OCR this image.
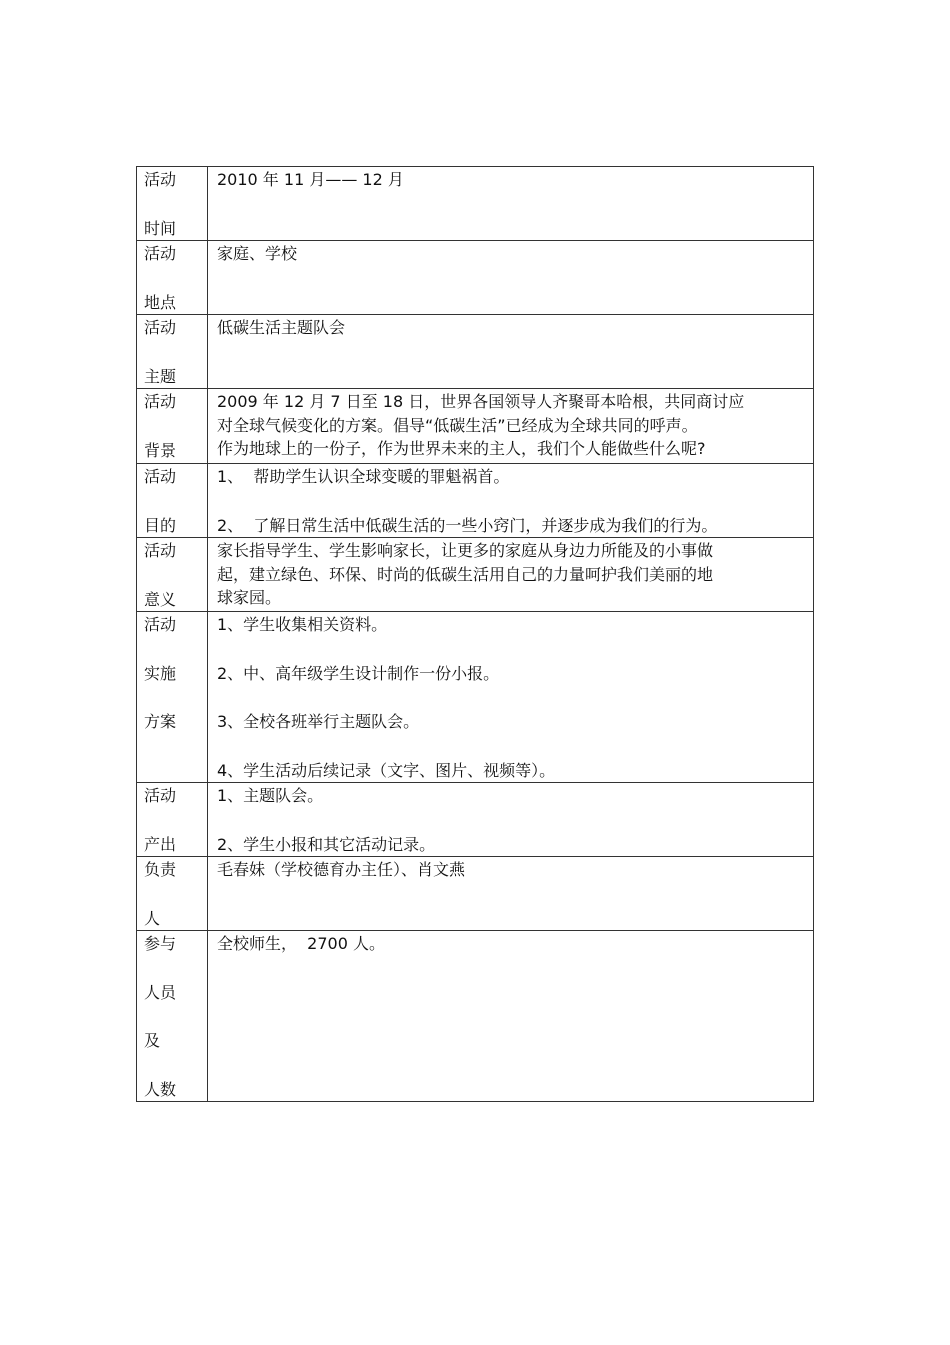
活动
时间	2010 年 11 月—— 12 月

活动
地点	家庭、学校

活动
主题	低碳生活主题队会

活动
背景	2009 年 12 月 7 日至 18 日，世界各国领导人齐聚哥本哈根，共同商讨应
对全球气候变化的方案。倡导“低碳生活”已经成为全球共同的呼声。
作为地球上的一份子，作为世界未来的主人，我们个人能做些什么呢?

活动
目的	1、  帮助学生认识全球变暖的罪魁祸首。
2、  了解日常生活中低碳生活的一些小窍门，并逐步成为我们的行为。

活动
意义	家长指导学生、学生影响家长，让更多的家庭从身边力所能及的小事做
起，建立绿色、环保、时尚的低碳生活用自己的力量呵护我们美丽的地
球家园。

活动
实施
方案	1、学生收集相关资料。
2、中、高年级学生设计制作一份小报。
3、全校各班举行主题队会。
4、学生活动后续记录（文字、图片、视频等）。

活动
产出	1、主题队会。
2、学生小报和其它活动记录。

负责
人	毛春妹（学校德育办主任）、肖文燕

参与
人员
及
人数	全校师生，  2700 人。
